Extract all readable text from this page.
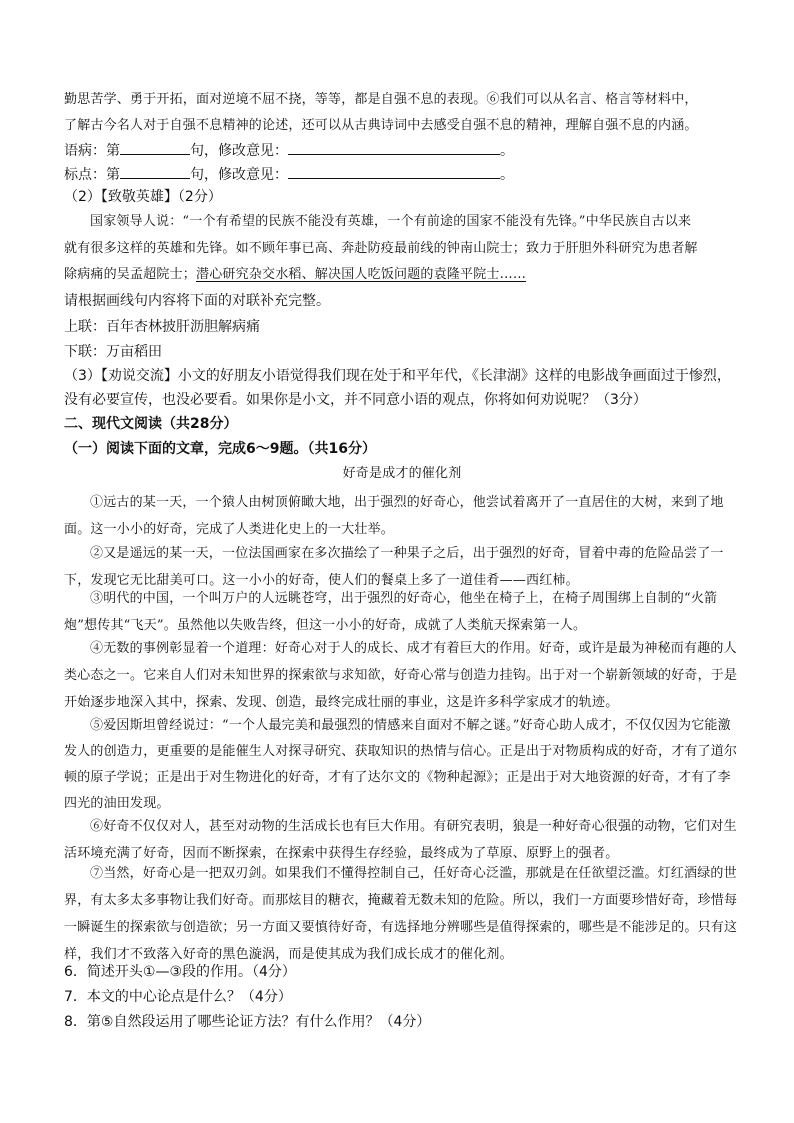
勤思苦学、勇于开拓，面对逆境不屈不挠，等等，都是自强不息的表现。⑥我们可以从名言、格言等材料中，
了解古今名人对于自强不息精神的论述，还可以从古典诗词中去感受自强不息的精神，理解自强不息的内涵。
语病：第	句，修改意见：	。
标点：第	句，修改意见：	。
（2）【致敬英雄】（2分）
国家领导人说：“一个有希望的民族不能没有英雄，一个有前途的国家不能没有先锋。”中华民族自古以来
就有很多这样的英雄和先锋。如不顾年事已高、奔赴防疫最前线的钟南山院士；致力于肝胆外科研究为患者解
除病痛的吴孟超院士；潜心研究杂交水稻、解决国人吃饭问题的袁隆平院士……
请根据画线句内容将下面的对联补充完整。
上联：百年杏林披肝沥胆解病痛
下联：万亩稻田
（3）【劝说交流】小文的好朋友小语觉得我们现在处于和平年代，《长津湖》这样的电影战争画面过于惨烈，
没有必要宣传，也没必要看。如果你是小文，并不同意小语的观点，你将如何劝说呢？（3分）
二、现代文阅读（共28分）
（一）阅读下面的文章，完成6～9题。（共16分）
好奇是成才的催化剂
①远古的某一天，一个猿人由树顶俯瞰大地，出于强烈的好奇心，他尝试着离开了一直居住的大树，来到了地面。这一小小的好奇，完成了人类进化史上的一大壮举。
②又是遥远的某一天，一位法国画家在多次描绘了一种果子之后，出于强烈的好奇，冒着中毒的危险品尝了一下，发现它无比甜美可口。这一小小的好奇，使人们的餐桌上多了一道佳肴——西红柿。
③明代的中国，一个叫万户的人远眺苍穹，出于强烈的好奇心，他坐在椅子上，在椅子周围绑上自制的“火箭炮”想传其“飞天”。虽然他以失败告终，但这一小小的好奇，成就了人类航天探索第一人。
④无数的事例彰显着一个道理：好奇心对于人的成长、成才有着巨大的作用。好奇，或许是最为神秘而有趣的人类心态之一。它来自人们对未知世界的探索欲与求知欲，好奇心常与创造力挂钩。出于对一个崭新领域的好奇，于是开始逐步地深入其中，探索、发现、创造，最终完成壮丽的事业，这是许多科学家成才的轨迹。
⑤爱因斯坦曾经说过：“一个人最完美和最强烈的情感来自面对不解之谜。”好奇心助人成才，不仅仅因为它能激发人的创造力，更重要的是能催生人对探寻研究、获取知识的热情与信心。正是出于对物质构成的好奇，才有了道尔顿的原子学说；正是出于对生物进化的好奇，才有了达尔文的《物种起源》；正是出于对大地资源的好奇，才有了李四光的油田发现。
⑥好奇不仅仅对人，甚至对动物的生活成长也有巨大作用。有研究表明，狼是一种好奇心很强的动物，它们对生活环境充满了好奇，因而不断探索，在探索中获得生存经验，最终成为了草原、原野上的强者。
⑦当然，好奇心是一把双刃剑。如果我们不懂得控制自己，任好奇心泛滥，那就是在任欲望泛滥。灯红酒绿的世界，有太多太多事物让我们好奇。而那炫目的糖衣，掩藏着无数未知的危险。所以，我们一方面要珍惜好奇，珍惜每一瞬诞生的探索欲与创造欲；另一方面又要慎待好奇，有选择地分辨哪些是值得探索的，哪些是不能涉足的。只有这样，我们才不致落入好奇的黑色漩涡，而是使其成为我们成长成才的催化剂。
6．简述开头①—③段的作用。（4分）
7．本文的中心论点是什么？（4分）
8．第⑤自然段运用了哪些论证方法？有什么作用？（4分）
